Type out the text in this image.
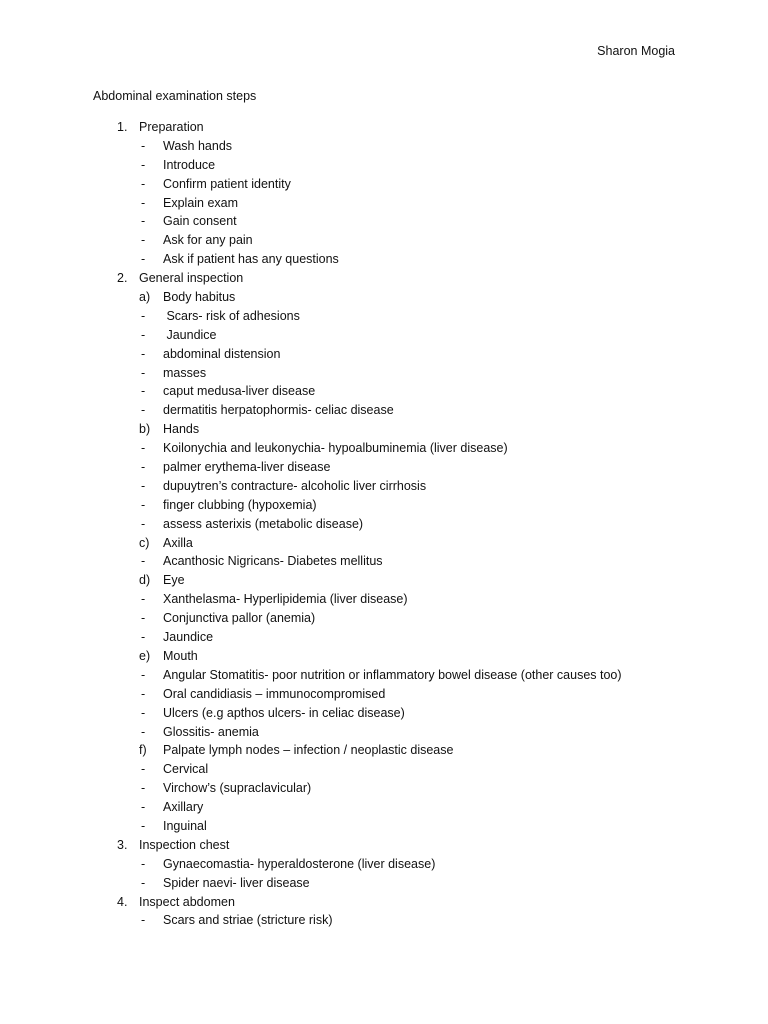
Sharon Mogia
Abdominal examination steps
1. Preparation
- Wash hands
- Introduce
- Confirm patient identity
- Explain exam
- Gain consent
- Ask for any pain
- Ask if patient has any questions
2. General inspection
a) Body habitus
- Scars- risk of adhesions
- Jaundice
- abdominal distension
- masses
- caput medusa-liver disease
- dermatitis herpatophormis- celiac disease
b) Hands
- Koilonychia and leukonychia- hypoalbuminemia (liver disease)
- palmer erythema-liver disease
- dupuytren’s contracture- alcoholic liver cirrhosis
- finger clubbing (hypoxemia)
- assess asterixis (metabolic disease)
c) Axilla
- Acanthosic Nigricans- Diabetes mellitus
d) Eye
- Xanthelasma- Hyperlipidemia (liver disease)
- Conjunctiva pallor (anemia)
- Jaundice
e) Mouth
- Angular Stomatitis- poor nutrition or inflammatory bowel disease (other causes too)
- Oral candidiasis – immunocompromised
- Ulcers (e.g apthos ulcers- in celiac disease)
- Glossitis- anemia
f) Palpate lymph nodes – infection / neoplastic disease
- Cervical
- Virchow’s (supraclavicular)
- Axillary
- Inguinal
3. Inspection chest
- Gynaecomastia- hyperaldosterone (liver disease)
- Spider naevi- liver disease
4. Inspect abdomen
- Scars and striae (stricture risk)
